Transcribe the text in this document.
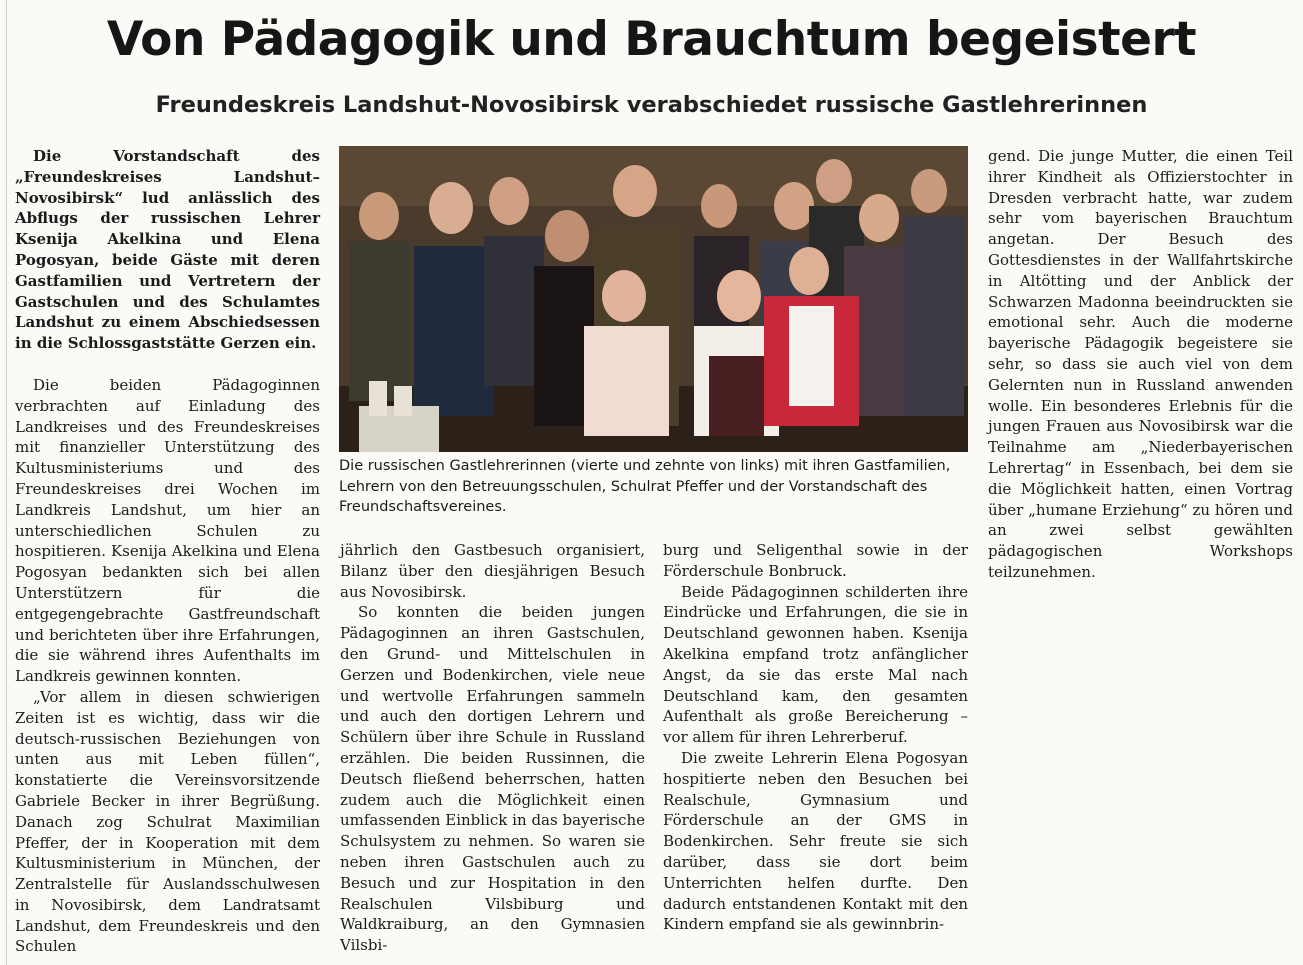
Von Pädagogik und Brauchtum begeistert
Freundeskreis Landshut-Novosibirsk verabschiedet russische Gastlehrerinnen

Die Vorstandschaft des „Freundeskreises Landshut–Novosibirsk“ lud anlässlich des Abflugs der russischen Lehrer Ksenija Akelkina und Elena Pogosyan, beide Gäste mit deren Gastfamilien und Vertretern der Gastschulen und des Schulamtes Landshut zu einem Abschiedsessen in die Schlossgaststätte Gerzen ein.

Die beiden Pädagoginnen verbrachten auf Einladung des Landkreises und des Freundeskreises mit finanzieller Unterstützung des Kultusministeriums und des Freundeskreises drei Wochen im Landkreis Landshut, um hier an unterschiedlichen Schulen zu hospitieren. Ksenija Akelkina und Elena Pogosyan bedankten sich bei allen Unterstützern für die entgegengebrachte Gastfreundschaft und berichteten über ihre Erfahrungen, die sie während ihres Aufenthalts im Landkreis gewinnen konnten.

„Vor allem in diesen schwierigen Zeiten ist es wichtig, dass wir die deutsch-russischen Beziehungen von unten aus mit Leben füllen“, konstatierte die Vereinsvorsitzende Gabriele Becker in ihrer Begrüßung. Danach zog Schulrat Maximilian Pfeffer, der in Kooperation mit dem Kultusministerium in München, der Zentralstelle für Auslandsschulwesen in Novosibirsk, dem Landratsamt Landshut, dem Freundeskreis und den Schulen

Die russischen Gastlehrerinnen (vierte und zehnte von links) mit ihren Gastfamilien, Lehrern von den Betreuungsschulen, Schulrat Pfeffer und der Vorstandschaft des Freundschaftsvereines.

jährlich den Gastbesuch organisiert, Bilanz über den diesjährigen Besuch aus Novosibirsk.

So konnten die beiden jungen Pädagoginnen an ihren Gastschulen, den Grund- und Mittelschulen in Gerzen und Bodenkirchen, viele neue und wertvolle Erfahrungen sammeln und auch den dortigen Lehrern und Schülern über ihre Schule in Russland erzählen. Die beiden Russinnen, die Deutsch fließend beherrschen, hatten zudem auch die Möglichkeit einen umfassenden Einblick in das bayerische Schulsystem zu nehmen. So waren sie neben ihren Gastschulen auch zu Besuch und zur Hospitation in den Realschulen Vilsbiburg und Waldkraiburg, an den Gymnasien Vilsbi-

burg und Seligenthal sowie in der Förderschule Bonbruck.

Beide Pädagoginnen schilderten ihre Eindrücke und Erfahrungen, die sie in Deutschland gewonnen haben. Ksenija Akelkina empfand trotz anfänglicher Angst, da sie das erste Mal nach Deutschland kam, den gesamten Aufenthalt als große Bereicherung – vor allem für ihren Lehrerberuf.

Die zweite Lehrerin Elena Pogosyan hospitierte neben den Besuchen bei Realschule, Gymnasium und Förderschule an der GMS in Bodenkirchen. Sehr freute sie sich darüber, dass sie dort beim Unterrichten helfen durfte. Den dadurch entstandenen Kontakt mit den Kindern empfand sie als gewinnbrin-

gend. Die junge Mutter, die einen Teil ihrer Kindheit als Offizierstochter in Dresden verbracht hatte, war zudem sehr vom bayerischen Brauchtum angetan. Der Besuch des Gottesdienstes in der Wallfahrtskirche in Altötting und der Anblick der Schwarzen Madonna beeindruckten sie emotional sehr. Auch die moderne bayerische Pädagogik begeistere sie sehr, so dass sie auch viel von dem Gelernten nun in Russland anwenden wolle. Ein besonderes Erlebnis für die jungen Frauen aus Novosibirsk war die Teilnahme am „Niederbayerischen Lehrertag“ in Essenbach, bei dem sie die Möglichkeit hatten, einen Vortrag über „humane Erziehung“ zu hören und an zwei selbst gewählten pädagogischen Workshops teilzunehmen.
